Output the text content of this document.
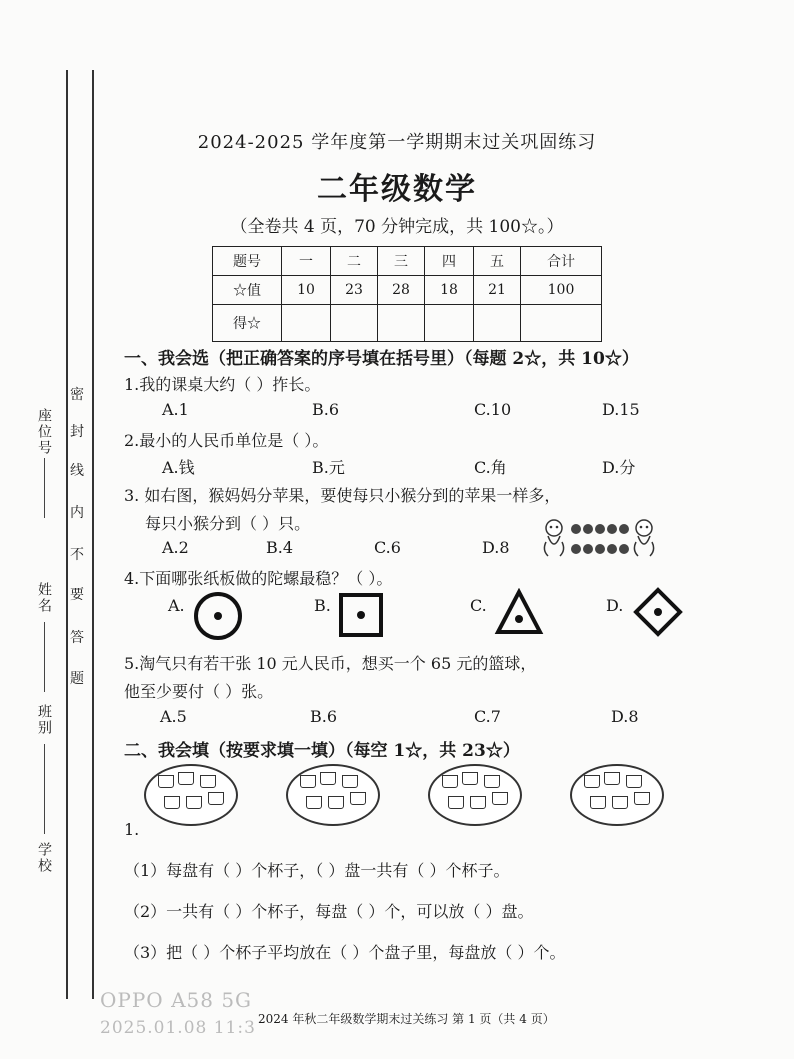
密
封
线
内
不
要
答
题
座位号
姓名
班别
学校
2024-2025 学年度第一学期期末过关巩固练习
二年级数学
（全卷共 4 页，70 分钟完成，共 100☆。）
题号	一	二	三	四	五	合计
☆值	10	23	28	18	21	100
得☆						
一、我会选（把正确答案的序号填在括号里）（每题 2☆，共 10☆）
1.我的课桌大约（ ）拃长。
A.1	B.6	C.10	D.15
2.最小的人民币单位是（ ）。
A.钱	B.元	C.角	D.分
3. 如右图，猴妈妈分苹果，要使每只小猴分到的苹果一样多，
每只小猴分到（ ）只。
A.2	B.4	C.6	D.8
4.下面哪张纸板做的陀螺最稳？（ ）。
A.	B.	C.	D.
5.淘气只有若干张 10 元人民币，想买一个 65 元的篮球，
他至少要付（ ）张。
A.5	B.6	C.7	D.8
二、我会填（按要求填一填）（每空 1☆，共 23☆）
1.
（1）每盘有（ ）个杯子，（ ）盘一共有（ ）个杯子。
（2）一共有（ ）个杯子，每盘（ ）个，可以放（ ）盘。
（3）把（ ）个杯子平均放在（ ）个盘子里，每盘放（ ）个。
OPPO A58 5G
2025.01.08 11:3 2024 年秋二年级数学期末过关练习 第 1 页（共 4 页）
